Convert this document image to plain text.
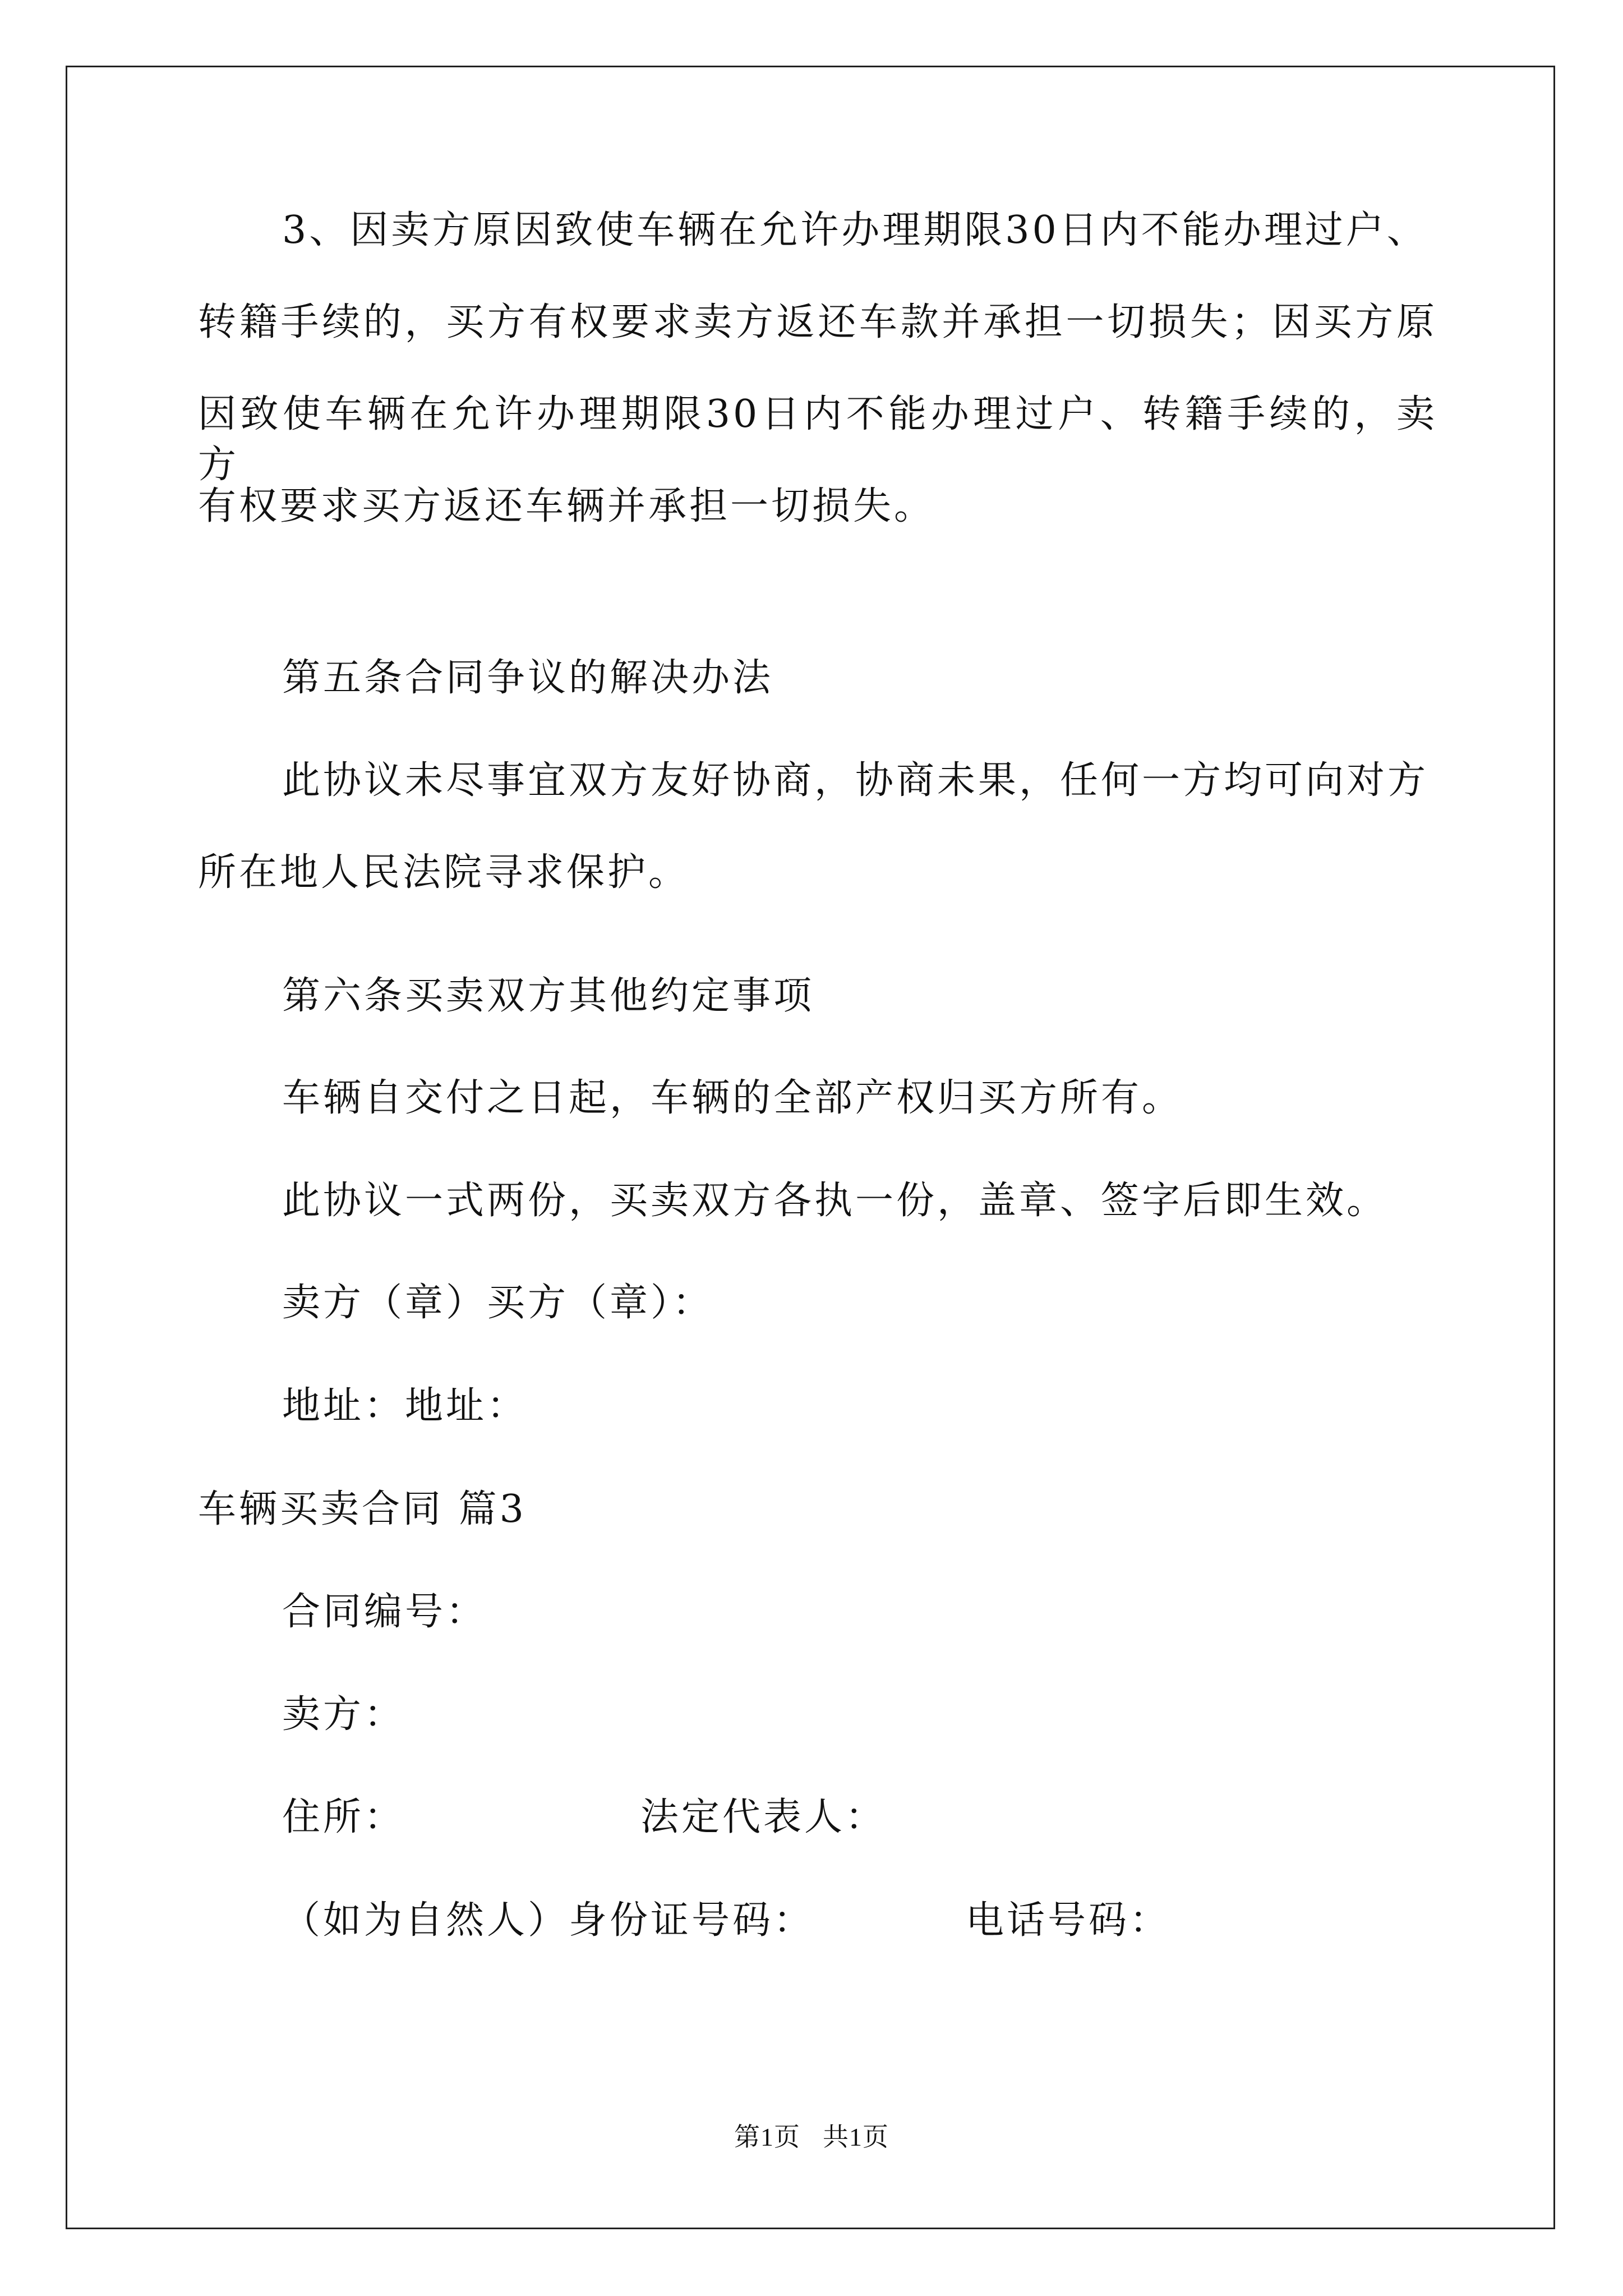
3、因卖方原因致使车辆在允许办理期限30日内不能办理过户、
转籍手续的，买方有权要求卖方返还车款并承担一切损失；因买方原
因致使车辆在允许办理期限30日内不能办理过户、转籍手续的，卖方
有权要求买方返还车辆并承担一切损失。
第五条合同争议的解决办法
此协议未尽事宜双方友好协商，协商未果，任何一方均可向对方
所在地人民法院寻求保护。
第六条买卖双方其他约定事项
车辆自交付之日起，车辆的全部产权归买方所有。
此协议一式两份，买卖双方各执一份，盖章、签字后即生效。
卖方（章）买方（章）：
地址：地址：
车辆买卖合同 篇3
合同编号：
卖方：
住所：	法定代表人：
（如为自然人）身份证号码：	电话号码：
第1页 共1页
